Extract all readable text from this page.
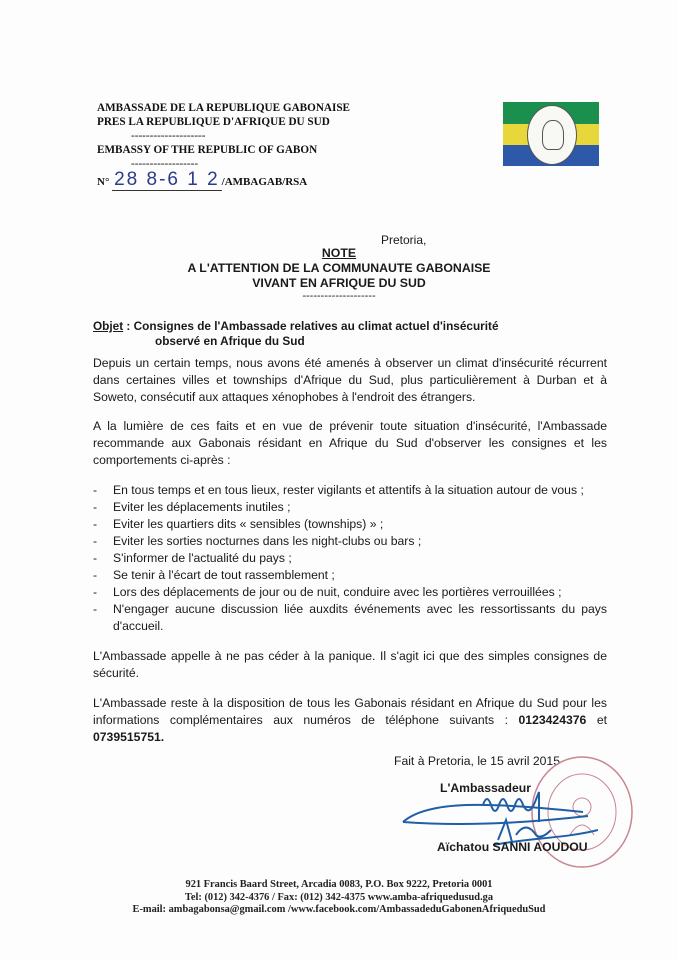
AMBASSADE DE LA REPUBLIQUE GABONAISE
PRES LA REPUBLIQUE D'AFRIQUE DU SUD
--------------------
EMBASSY OF THE REPUBLIC OF GABON
------------------
N° 28 8-6 1 2 /AMBAGAB/RSA
Pretoria,
NOTE
A L'ATTENTION DE LA COMMUNAUTE GABONAISE
VIVANT EN AFRIQUE DU SUD
--------------------
Objet : Consignes de l'Ambassade relatives au climat actuel d'insécurité
observé en Afrique du Sud
Depuis un certain temps, nous avons été amenés à observer un climat d'insécurité récurrent dans certaines villes et townships d'Afrique du Sud, plus particulièrement à Durban et à Soweto, consécutif aux attaques xénophobes à l'endroit des étrangers.
A la lumière de ces faits et en vue de prévenir toute situation d'insécurité, l'Ambassade recommande aux Gabonais résidant en Afrique du Sud d'observer les consignes et les comportements ci-après :
- En tous temps et en tous lieux, rester vigilants et attentifs à la situation autour de vous ;
- Eviter les déplacements inutiles ;
- Eviter les quartiers dits « sensibles (townships) » ;
- Eviter les sorties nocturnes dans les night-clubs ou bars ;
- S'informer de l'actualité du pays ;
- Se tenir à l'écart de tout rassemblement ;
- Lors des déplacements de jour ou de nuit, conduire avec les portières verrouillées ;
- N'engager aucune discussion liée auxdits événements avec les ressortissants du pays d'accueil.
L'Ambassade appelle à ne pas céder à la panique. Il s'agit ici que des simples consignes de sécurité.
L'Ambassade reste à la disposition de tous les Gabonais résidant en Afrique du Sud pour les informations complémentaires aux numéros de téléphone suivants : 0123424376 et 0739515751.
Fait à Pretoria, le 15 avril 2015
L'Ambassadeur
Aïchatou SANNI AOUDOU
921 Francis Baard Street, Arcadia 0083, P.O. Box 9222, Pretoria 0001
Tel: (012) 342-4376 / Fax: (012) 342-4375 www.amba-afriquedusud.ga
E-mail: ambagabonsa@gmail.com /www.facebook.com/AmbassadeduGabonenAfriqueduSud
